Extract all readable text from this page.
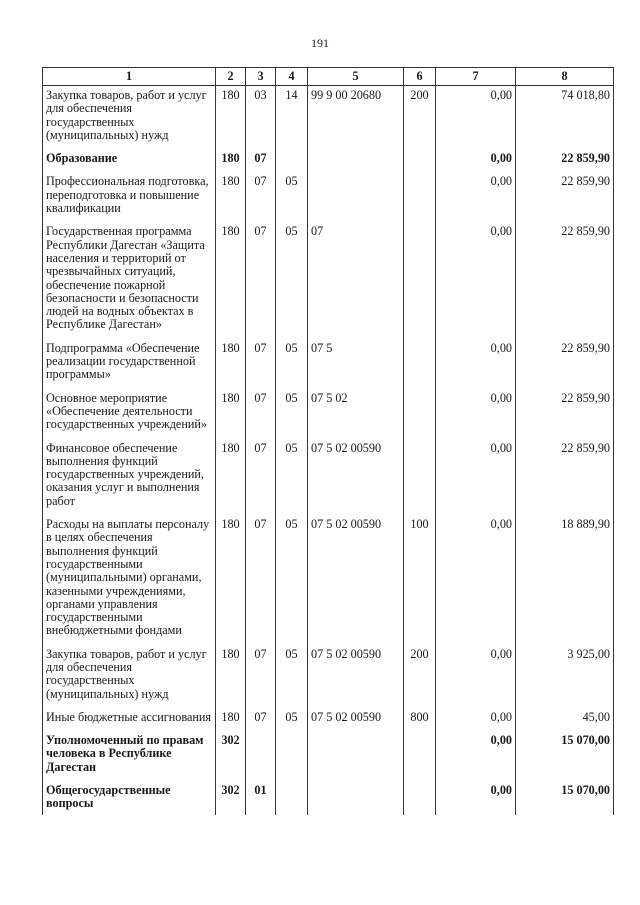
191
1	2	3	4	5	6	7	8
Закупка товаров, работ и услуг для обеспечения государственных (муниципальных) нужд	180	03	14	99 9 00 20680	200	0,00	74 018,80
Образование	180	07				0,00	22 859,90
Профессиональная подготовка, переподготовка и повышение квалификации	180	07	05			0,00	22 859,90
Государственная программа Республики Дагестан «Защита населения и территорий от чрезвычайных ситуаций, обеспечение пожарной безопасности и безопасности людей на водных объектах в Республике Дагестан»	180	07	05	07		0,00	22 859,90
Подпрограмма «Обеспечение реализации государственной программы»	180	07	05	07 5		0,00	22 859,90
Основное мероприятие «Обеспечение деятельности государственных учреждений»	180	07	05	07 5 02		0,00	22 859,90
Финансовое обеспечение выполнения функций государственных учреждений, оказания услуг и выполнения работ	180	07	05	07 5 02 00590		0,00	22 859,90
Расходы на выплаты персоналу в целях обеспечения выполнения функций государственными (муниципальными) органами, казенными учреждениями, органами управления государственными внебюджетными фондами	180	07	05	07 5 02 00590	100	0,00	18 889,90
Закупка товаров, работ и услуг для обеспечения государственных (муниципальных) нужд	180	07	05	07 5 02 00590	200	0,00	3 925,00
Иные бюджетные ассигнования	180	07	05	07 5 02 00590	800	0,00	45,00
Уполномоченный по правам человека в Республике Дагестан	302					0,00	15 070,00
Общегосударственные вопросы	302	01				0,00	15 070,00
